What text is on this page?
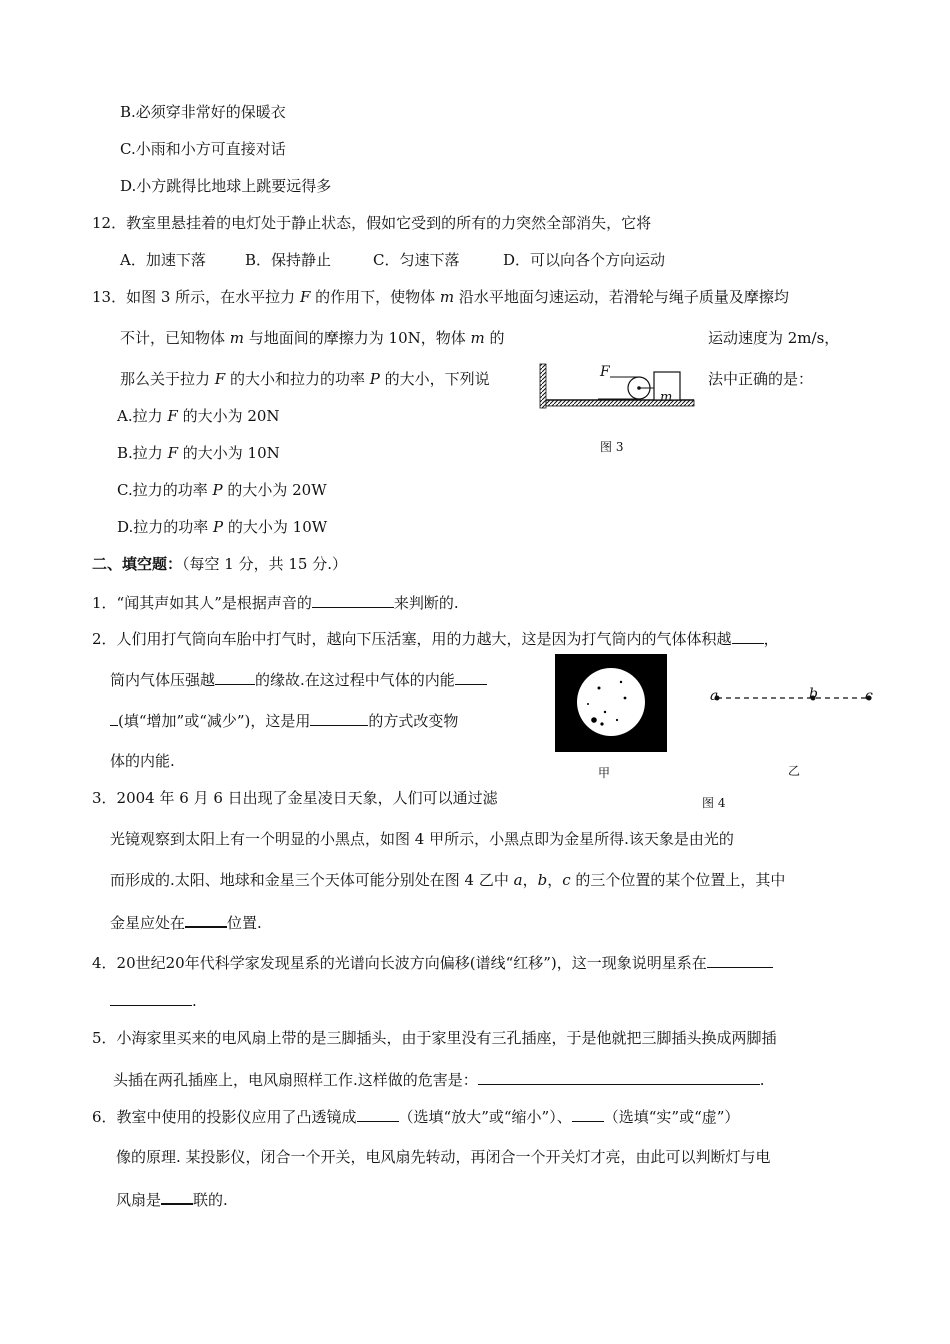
B.必须穿非常好的保暖衣
C.小雨和小方可直接对话
D.小方跳得比地球上跳要远得多
12．教室里悬挂着的电灯处于静止状态，假如它受到的所有的力突然全部消失，它将
A．加速下落	B．保持静止	C．匀速下落	D．可以向各个方向运动
13．如图 3 所示，在水平拉力 F 的作用下，使物体 m 沿水平地面匀速运动，若滑轮与绳子质量及摩擦均
不计，已知物体 m 与地面间的摩擦力为 10N，物体 m 的	运动速度为 2m/s，
那么关于拉力 F 的大小和拉力的功率 P 的大小，下列说	法中正确的是：
A.拉力 F 的大小为 20N
B.拉力 F 的大小为 10N
C.拉力的功率 P 的大小为 20W
D.拉力的功率 P 的大小为 10W
F
m
图 3
二、填空题：（每空 1 分，共 15 分.）
1．“闻其声如其人”是根据声音的	来判断的.
2．人们用打气筒向车胎中打气时，越向下压活塞，用的力越大，这是因为打气筒内的气体体积越 ，
筒内气体压强越	的缘故.在这过程中气体的内能
(填“增加”或“减少”)，这是用	的方式改变物
体的内能.
甲
a	b	c
乙
图 4
3．2004 年 6 月 6 日出现了金星凌日天象，人们可以通过滤
光镜观察到太阳上有一个明显的小黑点，如图 4 甲所示，小黑点即为金星所得.该天象是由光的
而形成的.太阳、地球和金星三个天体可能分别处在图 4 乙中 a，b，c 的三个位置的某个位置上，其中
金星应处在	位置.
4．20世纪20年代科学家发现星系的光谱向长波方向偏移(谱线“红移”)，这一现象说明星系在
.
5．小海家里买来的电风扇上带的是三脚插头，由于家里没有三孔插座，于是他就把三脚插头换成两脚插
头插在两孔插座上，电风扇照样工作.这样做的危害是：	.
6．教室中使用的投影仪应用了凸透镜成	（选填“放大”或“缩小”）、 （选填“实”或“虚”）
像的原理. 某投影仪，闭合一个开关，电风扇先转动，再闭合一个开关灯才亮，由此可以判断灯与电
风扇是 联的.
